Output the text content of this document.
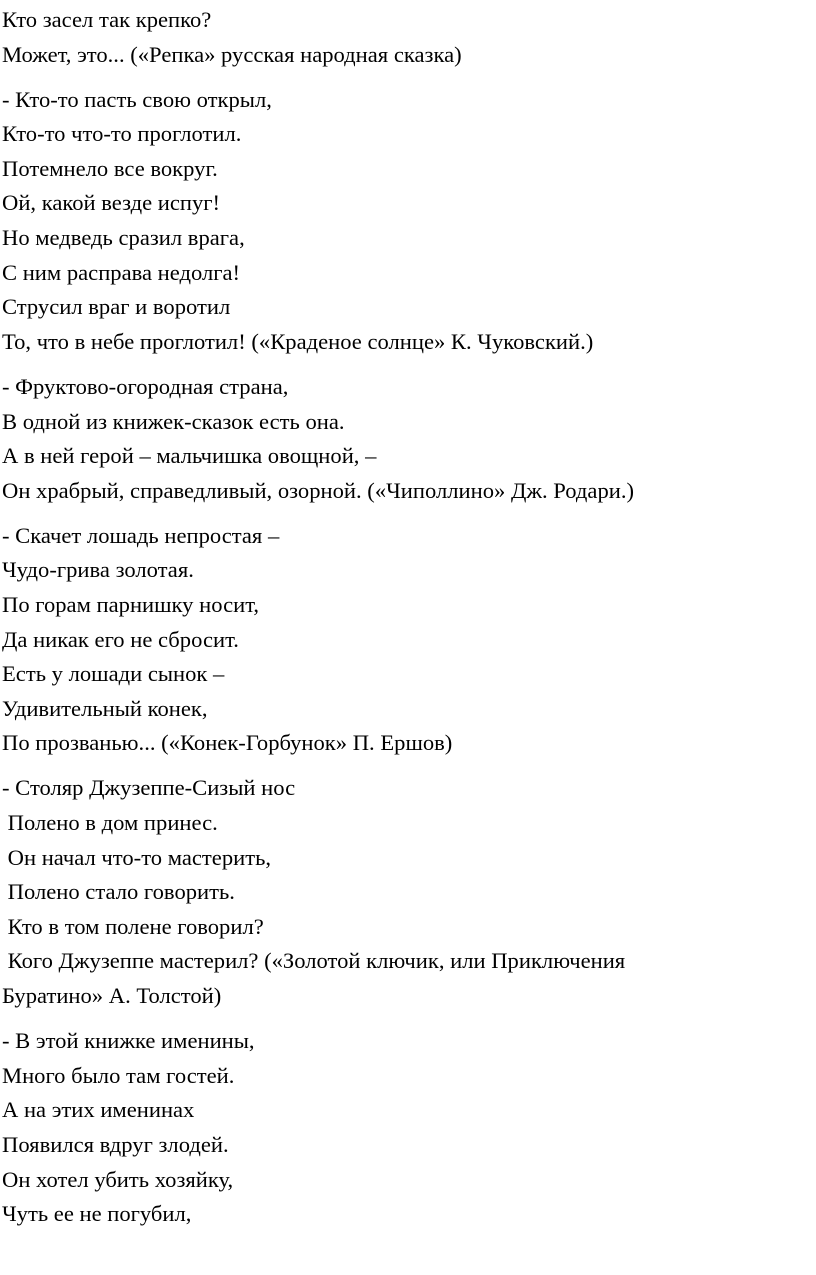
Кто засел так крепко?
Может, это... («Репка» русская народная сказка)
- Кто-то пасть свою открыл,
Кто-то что-то проглотил.
Потемнело все вокруг.
Ой, какой везде испуг!
Но медведь сразил врага,
С ним расправа недолга!
Струсил враг и воротил
То, что в небе проглотил! («Краденое солнце» К. Чуковский.)
- Фруктово-огородная страна,
В одной из книжек-сказок есть она.
А в ней герой – мальчишка овощной, –
Он храбрый, справедливый, озорной. («Чиполлино» Дж. Родари.)
- Скачет лошадь непростая –
Чудо-грива золотая.
По горам парнишку носит,
Да никак его не сбросит.
Есть у лошади сынок –
Удивительный конек,
По прозванью... («Конек-Горбунок» П. Ершов)
- Столяр Джузеппе-Сизый нос
Полено в дом принес.
Он начал что-то мастерить,
Полено стало говорить.
Кто в том полене говорил?
Кого Джузеппе мастерил? («Золотой ключик, или Приключения
Буратино» А. Толстой)
- В этой книжке именины,
Много было там гостей.
А на этих именинах
Появился вдруг злодей.
Он хотел убить хозяйку,
Чуть ее не погубил,
